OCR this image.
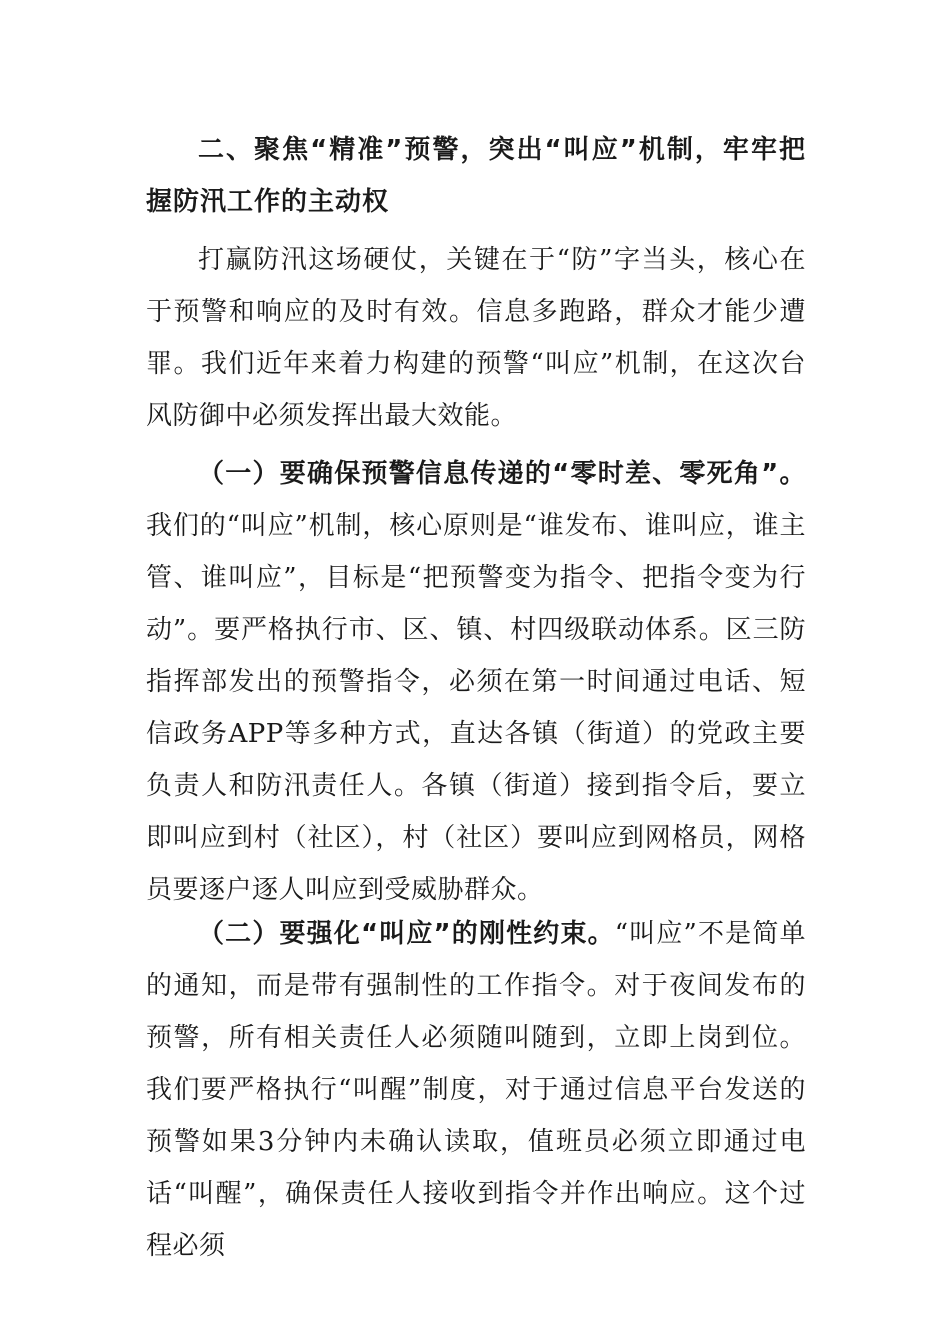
二、聚焦“精准”预警，突出“叫应”机制，牢牢把握防汛工作的主动权

打赢防汛这场硬仗，关键在于“防”字当头，核心在于预警和响应的及时有效。信息多跑路，群众才能少遭罪。我们近年来着力构建的预警“叫应”机制，在这次台风防御中必须发挥出最大效能。

（一）要确保预警信息传递的“零时差、零死角”。我们的“叫应”机制，核心原则是“谁发布、谁叫应，谁主管、谁叫应”，目标是“把预警变为指令、把指令变为行动”。要严格执行市、区、镇、村四级联动体系。区三防指挥部发出的预警指令，必须在第一时间通过电话、短信政务APP等多种方式，直达各镇（街道）的党政主要负责人和防汛责任人。各镇（街道）接到指令后，要立即叫应到村（社区），村（社区）要叫应到网格员，网格员要逐户逐人叫应到受威胁群众。

（二）要强化“叫应”的刚性约束。“叫应”不是简单的通知，而是带有强制性的工作指令。对于夜间发布的预警，所有相关责任人必须随叫随到，立即上岗到位。我们要严格执行“叫醒”制度，对于通过信息平台发送的预警如果3分钟内未确认读取，值班员必须立即通过电话“叫醒”，确保责任人接收到指令并作出响应。这个过程必须
